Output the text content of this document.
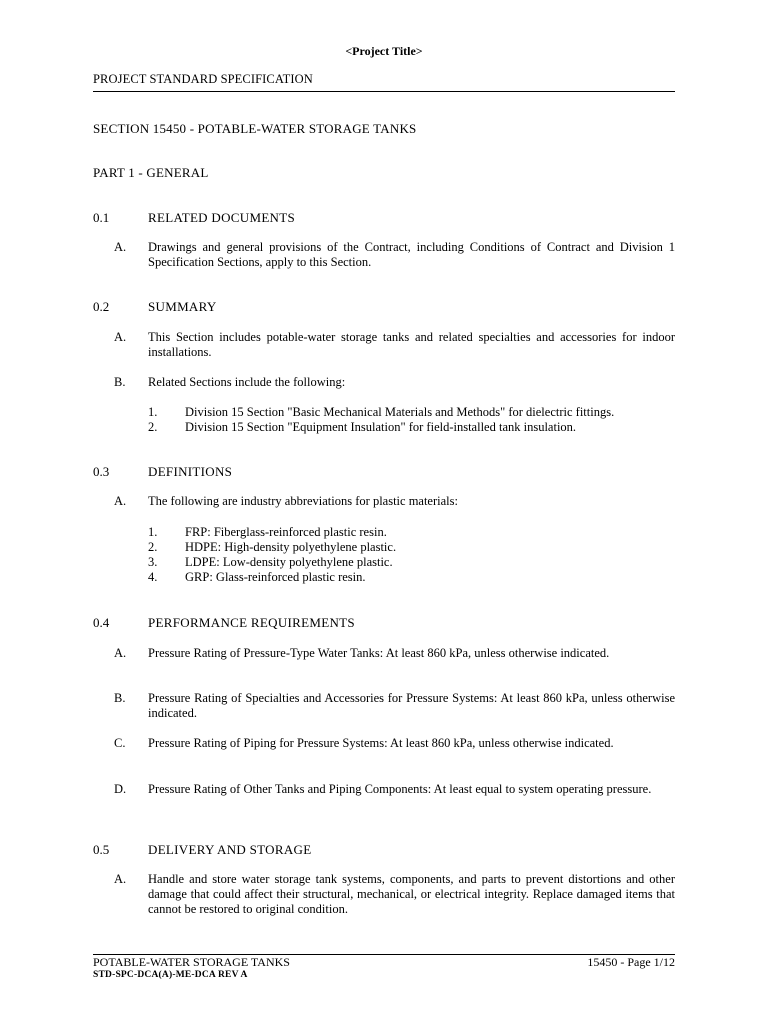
<Project Title>
PROJECT STANDARD SPECIFICATION
SECTION 15450 - POTABLE-WATER STORAGE TANKS
PART 1 - GENERAL
0.1	RELATED DOCUMENTS
A. Drawings and general provisions of the Contract, including Conditions of Contract and Division 1 Specification Sections, apply to this Section.
0.2	SUMMARY
A. This Section includes potable-water storage tanks and related specialties and accessories for indoor installations.
B. Related Sections include the following:
1. Division 15 Section "Basic Mechanical Materials and Methods" for dielectric fittings.
2. Division 15 Section "Equipment Insulation" for field-installed tank insulation.
0.3	DEFINITIONS
A. The following are industry abbreviations for plastic materials:
1. FRP: Fiberglass-reinforced plastic resin.
2. HDPE: High-density polyethylene plastic.
3. LDPE: Low-density polyethylene plastic.
4. GRP: Glass-reinforced plastic resin.
0.4	PERFORMANCE REQUIREMENTS
A. Pressure Rating of Pressure-Type Water Tanks: At least 860 kPa, unless otherwise indicated.
B. Pressure Rating of Specialties and Accessories for Pressure Systems: At least 860 kPa, unless otherwise indicated.
C. Pressure Rating of Piping for Pressure Systems: At least 860 kPa, unless otherwise indicated.
D. Pressure Rating of Other Tanks and Piping Components: At least equal to system operating pressure.
0.5	DELIVERY AND STORAGE
A. Handle and store water storage tank systems, components, and parts to prevent distortions and other damage that could affect their structural, mechanical, or electrical integrity. Replace damaged items that cannot be restored to original condition.
POTABLE-WATER STORAGE TANKS	15450 - Page 1/12
STD-SPC-DCA(A)-ME-DCA REV A
